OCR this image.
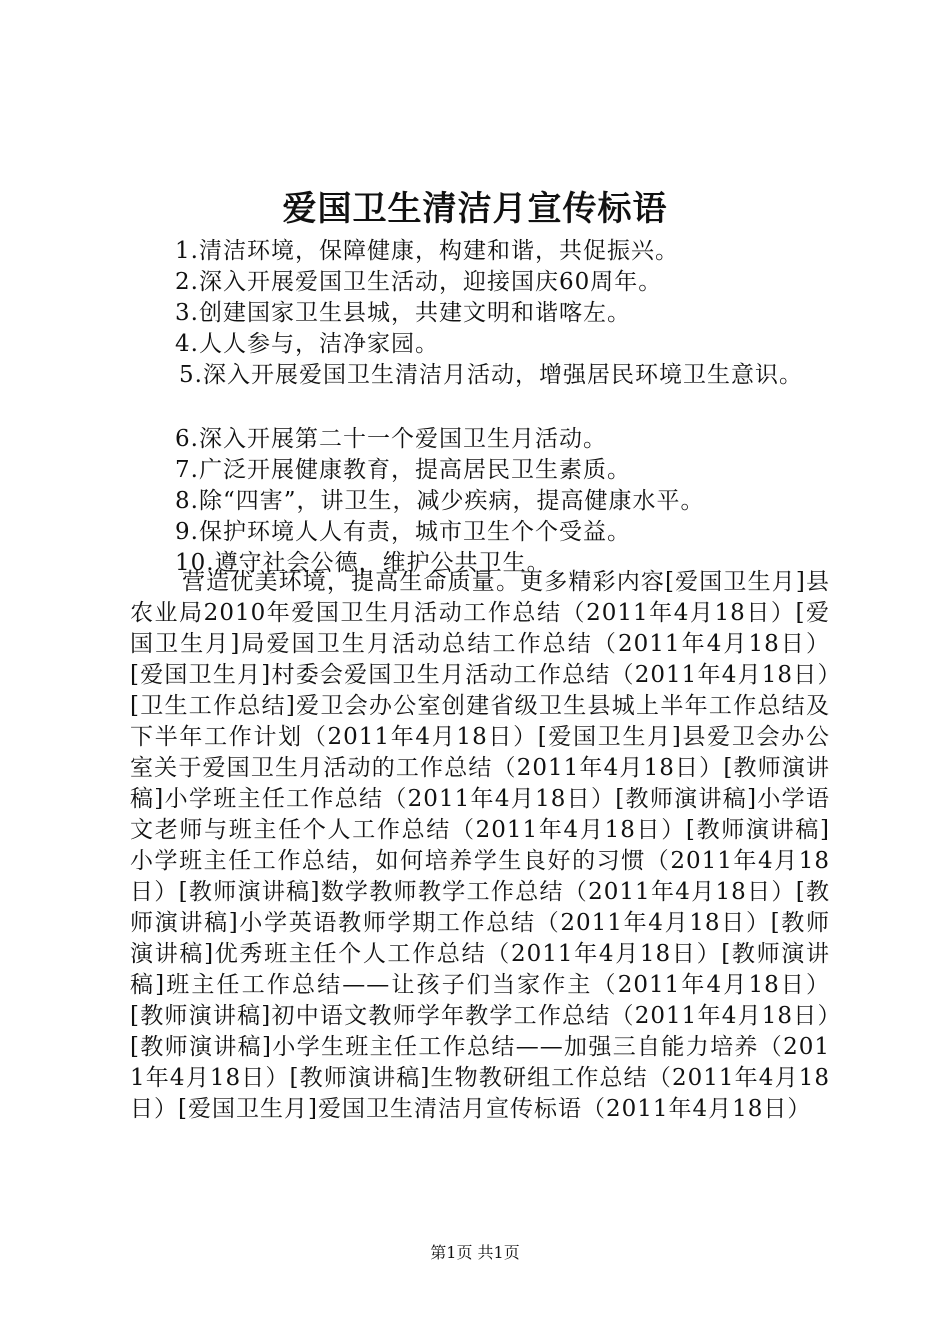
爱国卫生清洁月宣传标语
1.清洁环境，保障健康，构建和谐，共促振兴。
2.深入开展爱国卫生活动，迎接国庆60周年。
3.创建国家卫生县城，共建文明和谐喀左。
4.人人参与，洁净家园。
5.深入开展爱国卫生清洁月活动，增强居民环境卫生意识。
6.深入开展第二十一个爱国卫生月活动。
7.广泛开展健康教育，提高居民卫生素质。
8.除“四害”，讲卫生，减少疾病，提高健康水平。
9.保护环境人人有责，城市卫生个个受益。
10.遵守社会公德，维护公共卫生。
营造优美环境，提高生命质量。更多精彩内容[爱国卫生月]县农业局2010年爱国卫生月活动工作总结（2011年4月18日）[爱国卫生月]局爱国卫生月活动总结工作总结（2011年4月18日）[爱国卫生月]村委会爱国卫生月活动工作总结（2011年4月18日）[卫生工作总结]爱卫会办公室创建省级卫生县城上半年工作总结及下半年工作计划（2011年4月18日）[爱国卫生月]县爱卫会办公室关于爱国卫生月活动的工作总结（2011年4月18日）[教师演讲稿]小学班主任工作总结（2011年4月18日）[教师演讲稿]小学语文老师与班主任个人工作总结（2011年4月18日）[教师演讲稿]小学班主任工作总结，如何培养学生良好的习惯（2011年4月18日）[教师演讲稿]数学教师教学工作总结（2011年4月18日）[教师演讲稿]小学英语教师学期工作总结（2011年4月18日）[教师演讲稿]优秀班主任个人工作总结（2011年4月18日）[教师演讲稿]班主任工作总结——让孩子们当家作主（2011年4月18日）[教师演讲稿]初中语文教师学年教学工作总结（2011年4月18日）[教师演讲稿]小学生班主任工作总结——加强三自能力培养（2011年4月18日）[教师演讲稿]生物教研组工作总结（2011年4月18日）[爱国卫生月]爱国卫生清洁月宣传标语（2011年4月18日）
第1页 共1页
